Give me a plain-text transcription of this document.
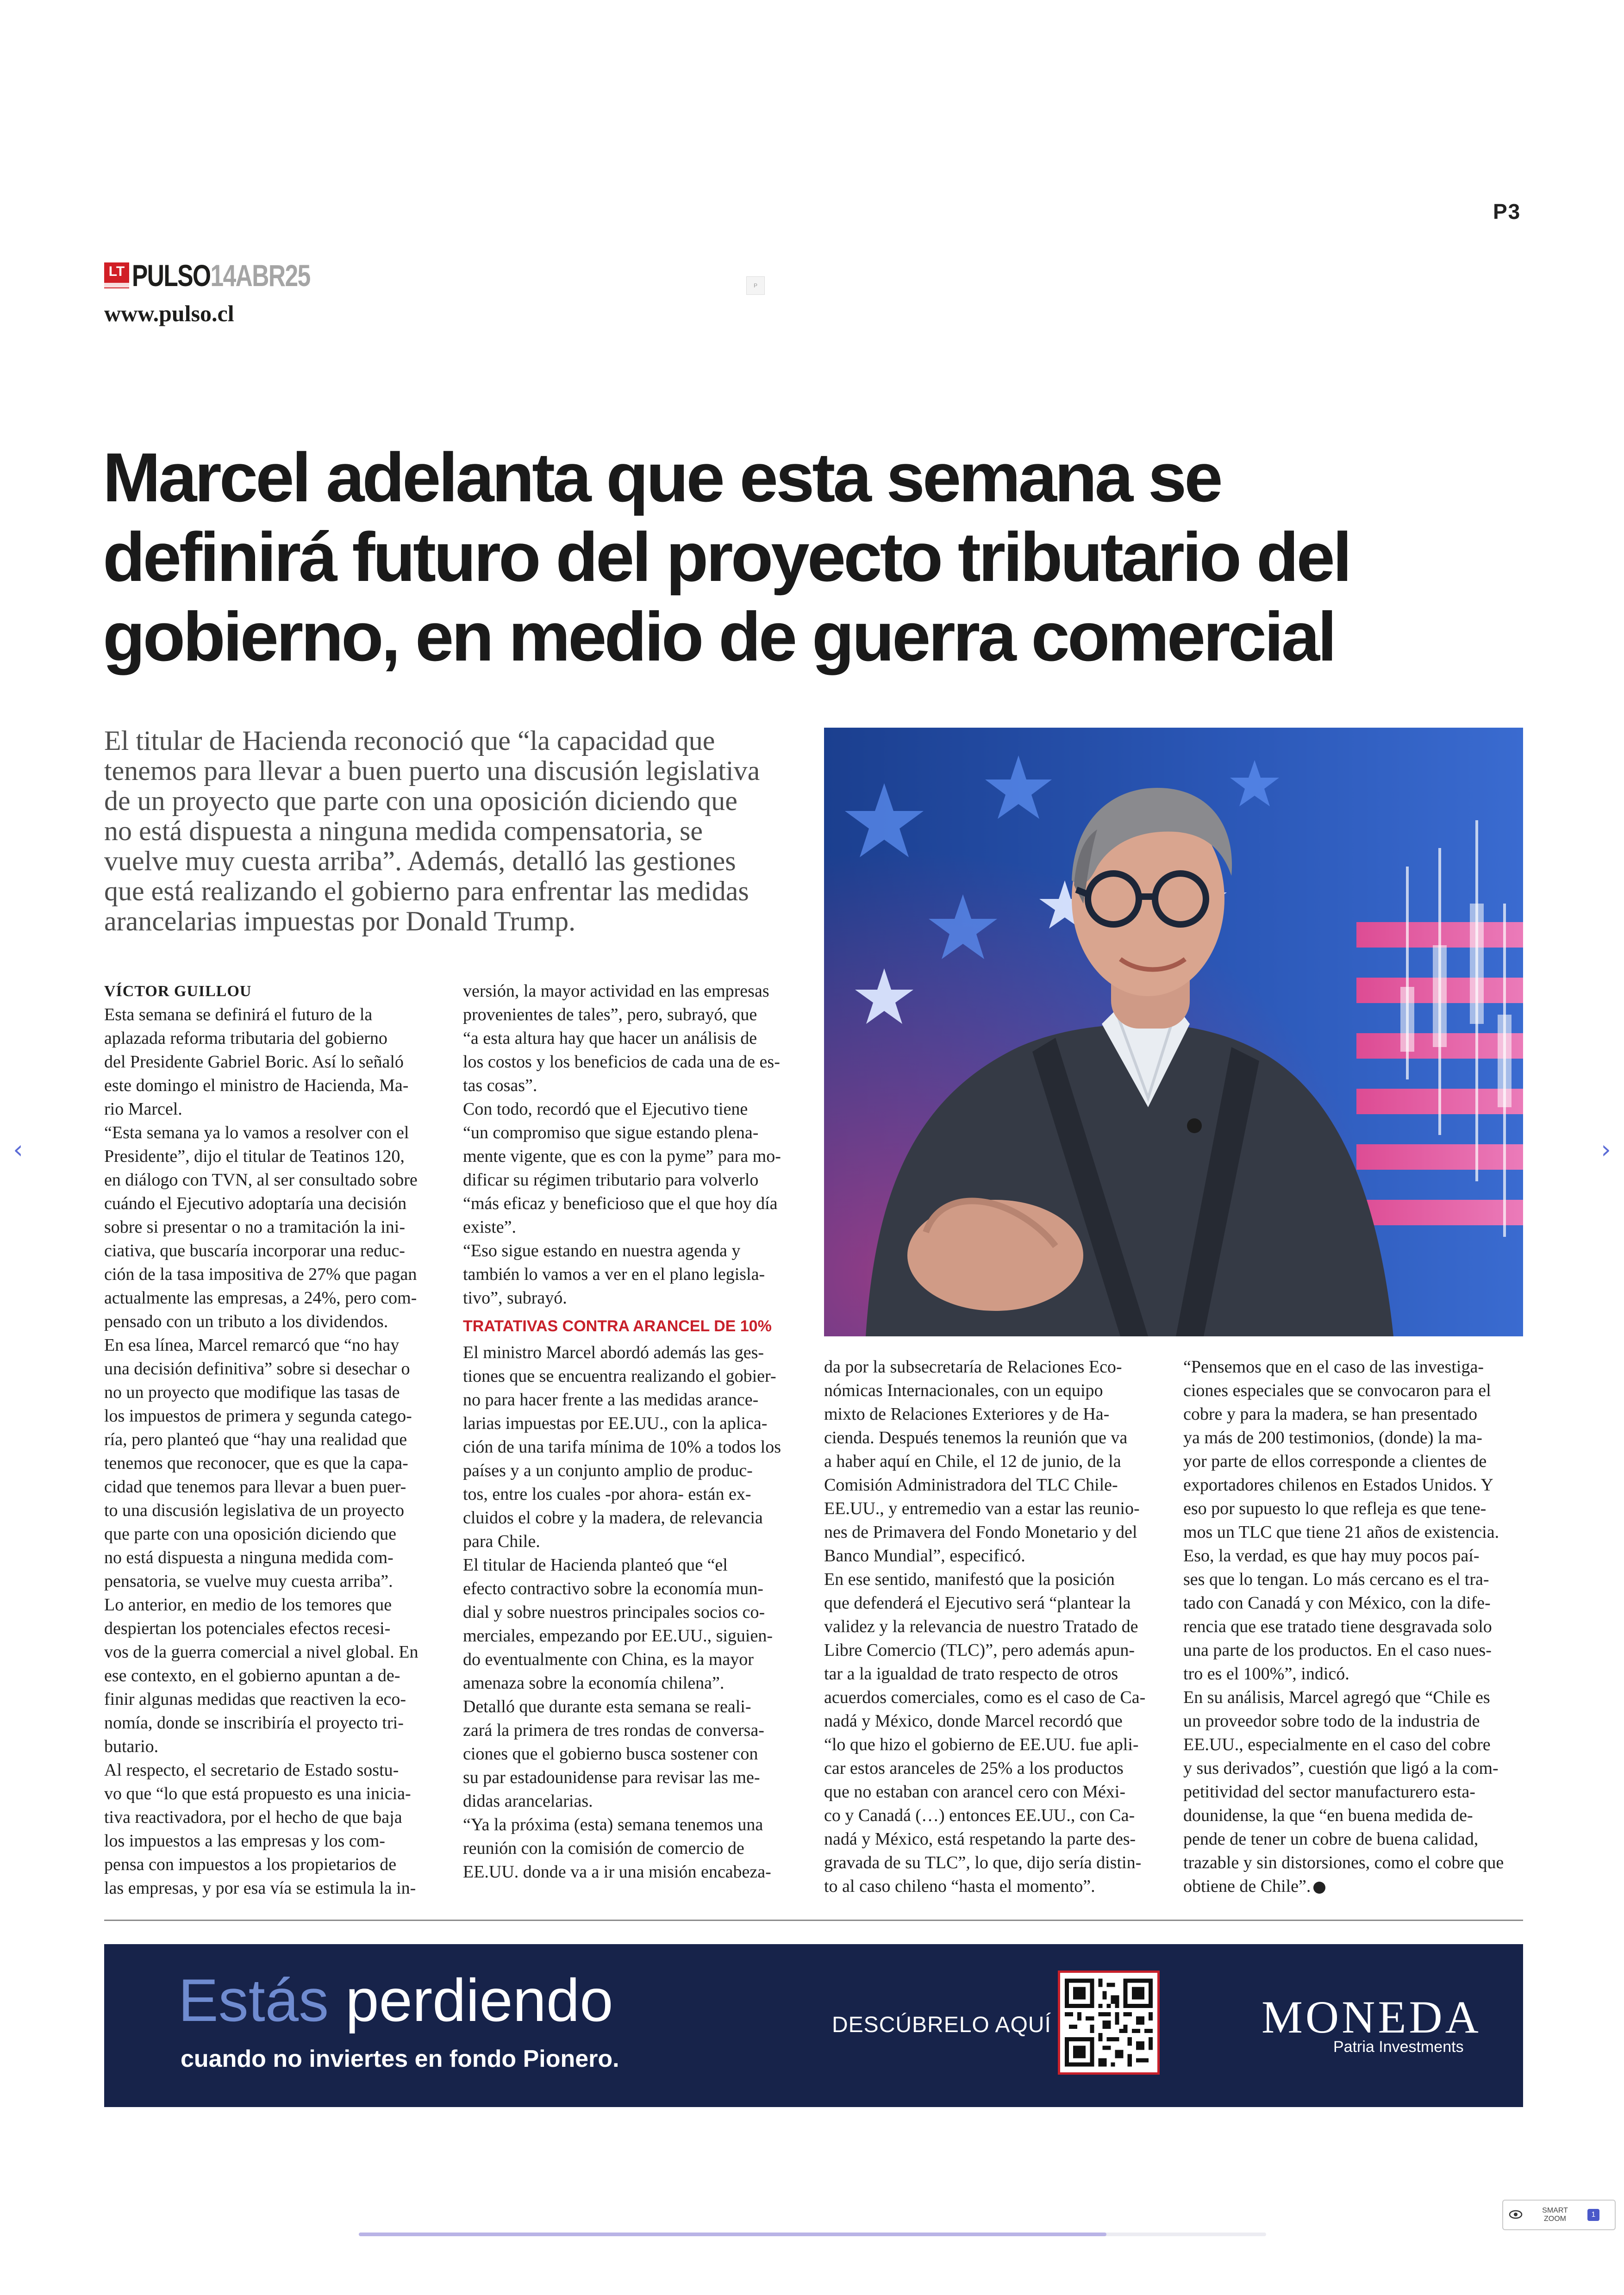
P3
LT PULSO14ABR25
www.pulso.cl
P
Marcel adelanta que esta semana se
definirá futuro del proyecto tributario del
gobierno, en medio de guerra comercial
El titular de Hacienda reconoció que “la capacidad que
tenemos para llevar a buen puerto una discusión legislativa
de un proyecto que parte con una oposición diciendo que
no está dispuesta a ninguna medida compensatoria, se
vuelve muy cuesta arriba”. Además, detalló las gestiones
que está realizando el gobierno para enfrentar las medidas
arancelarias impuestas por Donald Trump.
VÍCTOR GUILLOU
Esta semana se definirá el futuro de la
aplazada reforma tributaria del gobierno
del Presidente Gabriel Boric. Así lo señaló
este domingo el ministro de Hacienda, Ma-
rio Marcel.
“Esta semana ya lo vamos a resolver con el
Presidente”, dijo el titular de Teatinos 120,
en diálogo con TVN, al ser consultado sobre
cuándo el Ejecutivo adoptaría una decisión
sobre si presentar o no a tramitación la ini-
ciativa, que buscaría incorporar una reduc-
ción de la tasa impositiva de 27% que pagan
actualmente las empresas, a 24%, pero com-
pensado con un tributo a los dividendos.
En esa línea, Marcel remarcó que “no hay
una decisión definitiva” sobre si desechar o
no un proyecto que modifique las tasas de
los impuestos de primera y segunda catego-
ría, pero planteó que “hay una realidad que
tenemos que reconocer, que es que la capa-
cidad que tenemos para llevar a buen puer-
to una discusión legislativa de un proyecto
que parte con una oposición diciendo que
no está dispuesta a ninguna medida com-
pensatoria, se vuelve muy cuesta arriba”.
Lo anterior, en medio de los temores que
despiertan los potenciales efectos recesi-
vos de la guerra comercial a nivel global. En
ese contexto, en el gobierno apuntan a de-
finir algunas medidas que reactiven la eco-
nomía, donde se inscribiría el proyecto tri-
butario.
Al respecto, el secretario de Estado sostu-
vo que “lo que está propuesto es una inicia-
tiva reactivadora, por el hecho de que baja
los impuestos a las empresas y los com-
pensa con impuestos a los propietarios de
las empresas, y por esa vía se estimula la in-
versión, la mayor actividad en las empresas
provenientes de tales”, pero, subrayó, que
“a esta altura hay que hacer un análisis de
los costos y los beneficios de cada una de es-
tas cosas”.
Con todo, recordó que el Ejecutivo tiene
“un compromiso que sigue estando plena-
mente vigente, que es con la pyme” para mo-
dificar su régimen tributario para volverlo
“más eficaz y beneficioso que el que hoy día
existe”.
“Eso sigue estando en nuestra agenda y
también lo vamos a ver en el plano legisla-
tivo”, subrayó.
TRATATIVAS CONTRA ARANCEL DE 10%
El ministro Marcel abordó además las ges-
tiones que se encuentra realizando el gobier-
no para hacer frente a las medidas arance-
larias impuestas por EE.UU., con la aplica-
ción de una tarifa mínima de 10% a todos los
países y a un conjunto amplio de produc-
tos, entre los cuales -por ahora- están ex-
cluidos el cobre y la madera, de relevancia
para Chile.
El titular de Hacienda planteó que “el
efecto contractivo sobre la economía mun-
dial y sobre nuestros principales socios co-
merciales, empezando por EE.UU., siguien-
do eventualmente con China, es la mayor
amenaza sobre la economía chilena”.
Detalló que durante esta semana se reali-
zará la primera de tres rondas de conversa-
ciones que el gobierno busca sostener con
su par estadounidense para revisar las me-
didas arancelarias.
“Ya la próxima (esta) semana tenemos una
reunión con la comisión de comercio de
EE.UU. donde va a ir una misión encabeza-
da por la subsecretaría de Relaciones Eco-
nómicas Internacionales, con un equipo
mixto de Relaciones Exteriores y de Ha-
cienda. Después tenemos la reunión que va
a haber aquí en Chile, el 12 de junio, de la
Comisión Administradora del TLC Chile-
EE.UU., y entremedio van a estar las reunio-
nes de Primavera del Fondo Monetario y del
Banco Mundial”, especificó.
En ese sentido, manifestó que la posición
que defenderá el Ejecutivo será “plantear la
validez y la relevancia de nuestro Tratado de
Libre Comercio (TLC)”, pero además apun-
tar a la igualdad de trato respecto de otros
acuerdos comerciales, como es el caso de Ca-
nadá y México, donde Marcel recordó que
“lo que hizo el gobierno de EE.UU. fue apli-
car estos aranceles de 25% a los productos
que no estaban con arancel cero con Méxi-
co y Canadá (…) entonces EE.UU., con Ca-
nadá y México, está respetando la parte des-
gravada de su TLC”, lo que, dijo sería distin-
to al caso chileno “hasta el momento”.
“Pensemos que en el caso de las investiga-
ciones especiales que se convocaron para el
cobre y para la madera, se han presentado
ya más de 200 testimonios, (donde) la ma-
yor parte de ellos corresponde a clientes de
exportadores chilenos en Estados Unidos. Y
eso por supuesto lo que refleja es que tene-
mos un TLC que tiene 21 años de existencia.
Eso, la verdad, es que hay muy pocos paí-
ses que lo tengan. Lo más cercano es el tra-
tado con Canadá y con México, con la dife-
rencia que ese tratado tiene desgravada solo
una parte de los productos. En el caso nues-
tro es el 100%”, indicó.
En su análisis, Marcel agregó que “Chile es
un proveedor sobre todo de la industria de
EE.UU., especialmente en el caso del cobre
y sus derivados”, cuestión que ligó a la com-
petitividad del sector manufacturero esta-
dounidense, la que “en buena medida de-
pende de tener un cobre de buena calidad,
trazable y sin distorsiones, como el cobre que
obtiene de Chile”.
Estás perdiendo
cuando no inviertes en fondo Pionero.
DESCÚBRELO AQUÍ	MONEDA
Patria Investments
‹	›
SMART
ZOOM
1
